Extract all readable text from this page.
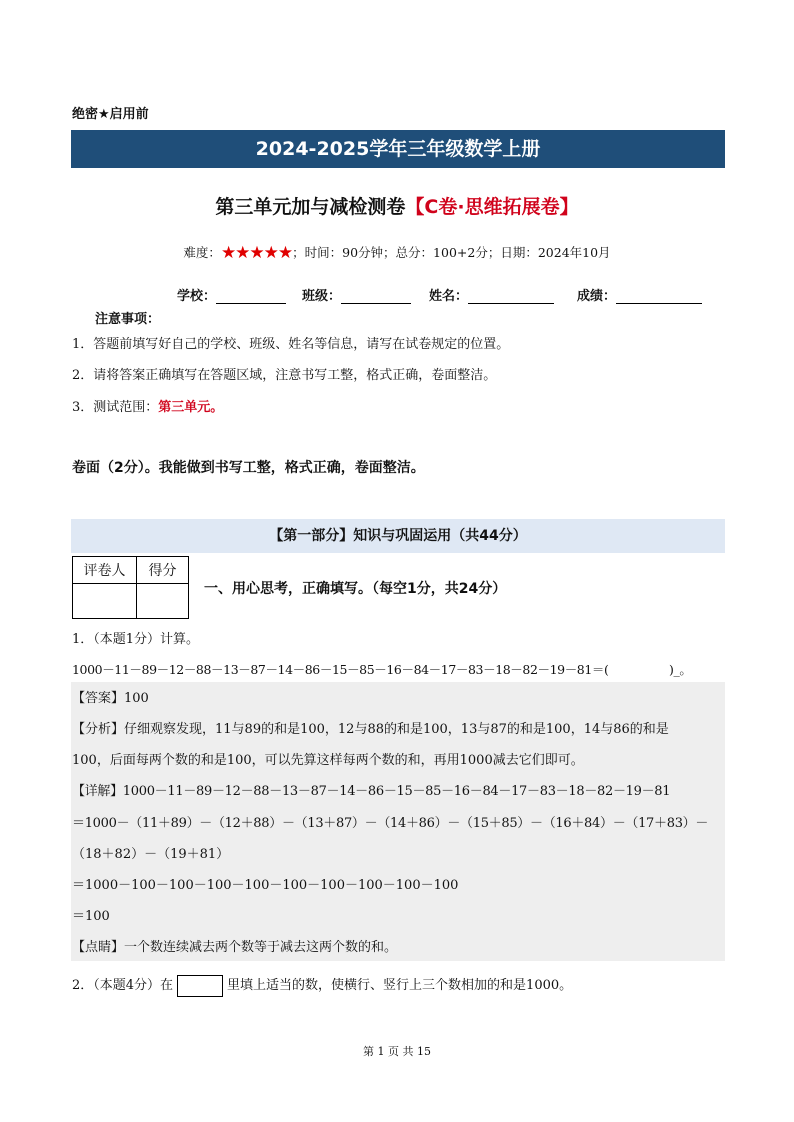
绝密★启用前
2024-2025学年三年级数学上册
第三单元加与减检测卷【C卷·思维拓展卷】
难度：★★★★★；时间：90分钟；总分：100+2分；日期：2024年10月
学校：	班级：	姓名：	成绩：
注意事项：
1．答题前填写好自己的学校、班级、姓名等信息，请写在试卷规定的位置。
2．请将答案正确填写在答题区域，注意书写工整，格式正确，卷面整洁。
3．测试范围：第三单元。
卷面（2分）。我能做到书写工整，格式正确，卷面整洁。
【第一部分】知识与巩固运用（共44分）
评卷人	得分

一、用心思考，正确填写。（每空1分，共24分）
1．（本题1分）计算。
1000－11－89－12－88－13－87－14－86－15－85－16－84－17－83－18－82－19－81＝(　　　　　)_。
【答案】100
【分析】仔细观察发现，11与89的和是100，12与88的和是100，13与87的和是100，14与86的和是
100，后面每两个数的和是100，可以先算这样每两个数的和，再用1000减去它们即可。
【详解】1000－11－89－12－88－13－87－14－86－15－85－16－84－17－83－18－82－19－81
＝1000－（11＋89）－（12＋88）－（13＋87）－（14＋86）－（15＋85）－（16＋84）－（17＋83）－
（18＋82）－（19＋81）
＝1000－100－100－100－100－100－100－100－100－100
＝100
【点睛】一个数连续减去两个数等于减去这两个数的和。
2．（本题4分）在	里填上适当的数，使横行、竖行上三个数相加的和是1000。
第 1 页 共 15
